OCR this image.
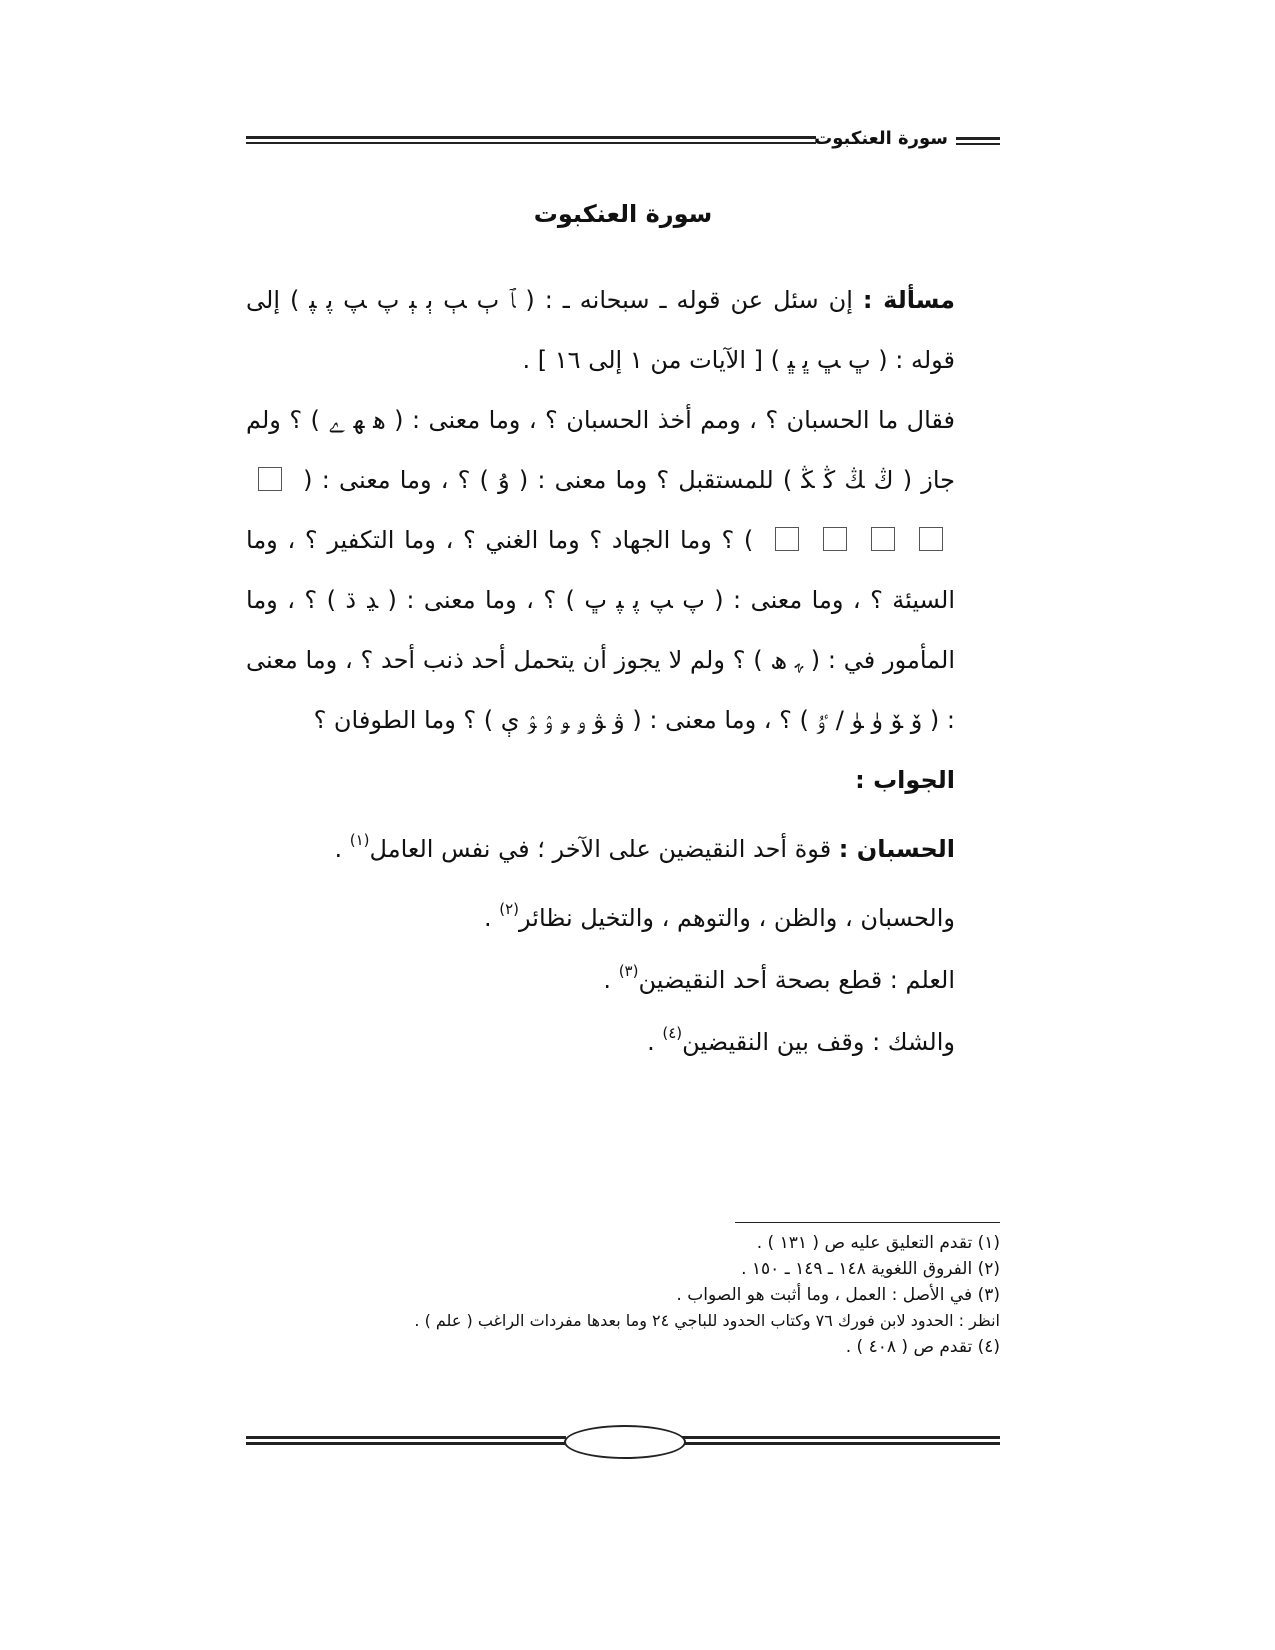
سورة العنكبوت
سورة العنكبوت

مسألة : إن سئل عن قوله ـ سبحانه ـ : ( ﭑ ﭒ ﭓ ﭔ ﭕ ﭖ ﭗ ﭘ ﭙ ) إلى قوله : ( ﭚ ﭛ ﭜ ﭝ ) [ الآيات من ١ إلى ١٦ ] .

فقال ما الحسبان ؟ ، ومم أخذ الحسبان ؟ ، وما معنى : ( ﮬ ﮭ ﮮ ) ؟ ولم جاز ( ﯓ ﯔ ﯕ ﯖ ) للمستقبل ؟ وما معنى : ( ﯗ ) ؟ ، وما معنى : (  ) ؟ وما الجهاد ؟ وما الغني ؟ ، وما التكفير ؟ ، وما السيئة ؟ ، وما معنى : ( ﭖ ﭗ ﭘ ﭙ ﭚ ) ؟ ، وما معنى : ( ﮃ ﮄ ) ؟ ، وما المأمور في : ( ﮩ ﮪ ) ؟ ولم لا يجوز أن يتحمل أحد ذنب أحد ؟ ، وما معنى : ( ﯙ ﯚ ﯛ ﯜ / ﯝ ) ؟ ، وما معنى : ( ﯞ ﯟ ﯠ ﯡ ﯢ ﯣ ﯤ ) ؟ وما الطوفان ؟

الجواب :

الحسبان : قوة أحد النقيضين على الآخر ؛ في نفس العامل$^{(١)}$ .

والحسبان ، والظن ، والتوهم ، والتخيل نظائر$^{(٢)}$ .

العلم : قطع بصحة أحد النقيضين$^{(٣)}$ .

والشك : وقف بين النقيضين$^{(٤)}$ .

(١) تقدم التعليق عليه ص ( ١٣١ ) .
(٢) الفروق اللغوية ١٤٨ ـ ١٤٩ ـ ١٥٠ .
(٣) في الأصل : العمل ، وما أثبت هو الصواب .
انظر : الحدود لابن فورك ٧٦ وكتاب الحدود للباجي ٢٤ وما بعدها مفردات الراغب ( علم ) .
(٤) تقدم ص ( ٤٠٨ ) .
